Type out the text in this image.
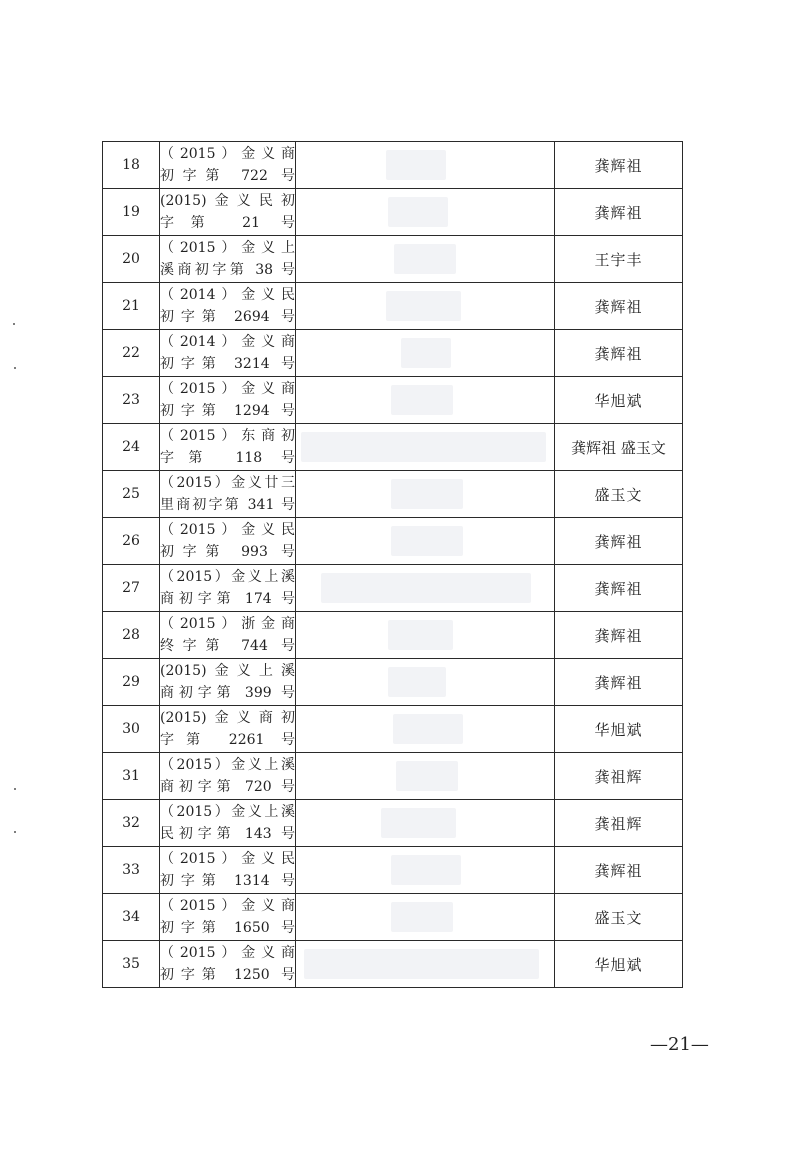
18	（2015）金义商
初字第 722 号		龚辉祖
19	(2015)金义民初
字第 21 号		龚辉祖
20	（2015）金义上
溪商初字第 38 号		王宇丰
21	（2014）金义民
初字第 2694 号		龚辉祖
22	（2014）金义商
初字第 3214 号		龚辉祖
23	（2015）金义商
初字第 1294 号		华旭斌
24	（2015）东商初
字第 118 号		龚辉祖 盛玉文
25	（2015）金义廿三
里商初字第 341 号		盛玉文
26	（2015）金义民
初字第 993 号		龚辉祖
27	（2015）金义上溪
商初字第 174 号		龚辉祖
28	（2015）浙金商
终字第 744 号		龚辉祖
29	(2015)金义上溪
商初字第 399 号		龚辉祖
30	(2015)金义商初
字第 2261 号		华旭斌
31	（2015）金义上溪
商初字第 720 号		龚祖辉
32	（2015）金义上溪
民初字第 143 号		龚祖辉
33	（2015）金义民
初字第 1314 号		龚辉祖
34	（2015）金义商
初字第 1650 号		盛玉文
35	（2015）金义商
初字第 1250 号		华旭斌
—21—
